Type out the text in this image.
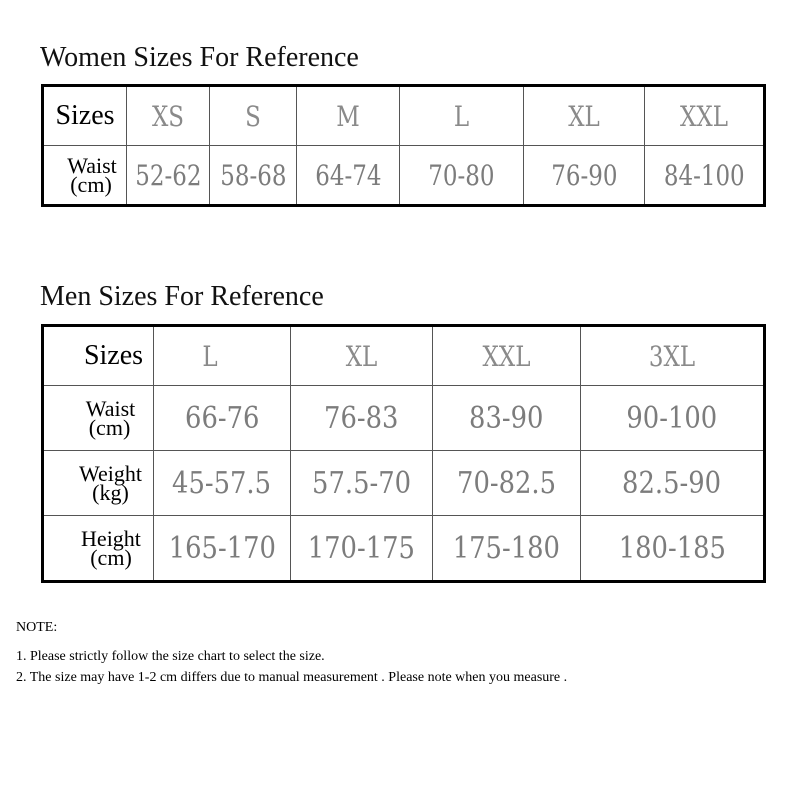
Women Sizes For Reference
Sizes	XS	S	M	L	XL	XXL

Waist
(cm)	52-62	58-68	64-74	70-80	76-90	84-100
Men Sizes For Reference
Sizes	L	XL	XXL	3XL

Waist
(cm)	66-76	76-83	83-90	90-100

Weight
(kg)	45-57.5	57.5-70	70-82.5	82.5-90

Height
(cm)	165-170	170-175	175-180	180-185
NOTE:
1. Please strictly follow the size chart to select the size.
2. The size may have 1-2 cm differs due to manual measurement . Please note when you measure .
